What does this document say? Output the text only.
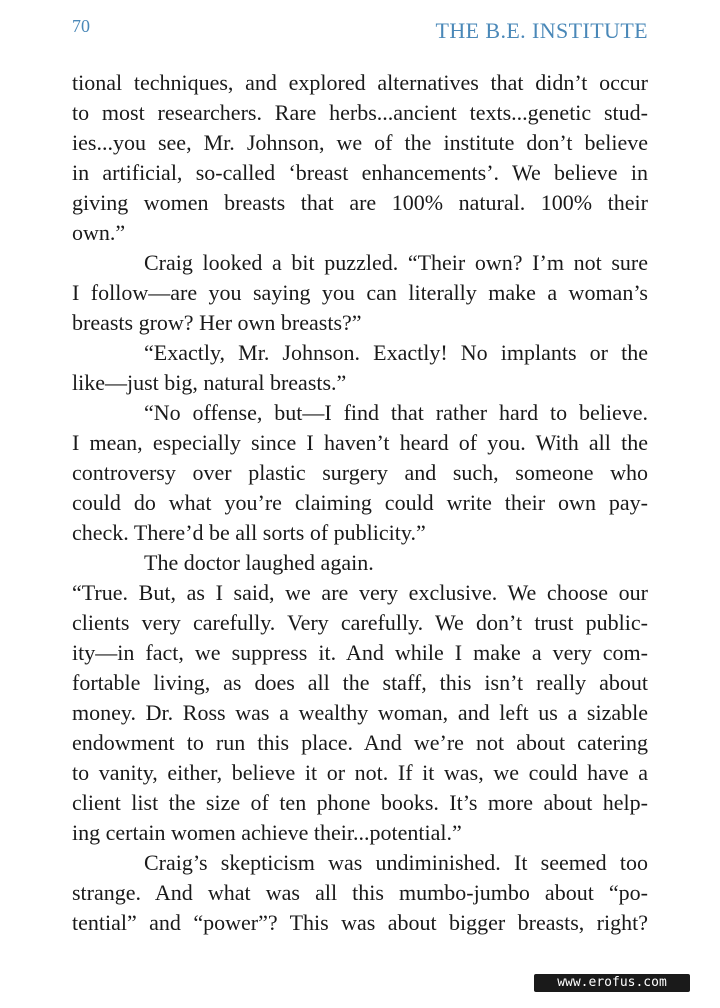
70	THE B.E. INSTITUTE
tional techniques, and explored alternatives that didn’t occur
to most researchers. Rare herbs...ancient texts...genetic stud-
ies...you see, Mr. Johnson, we of the institute don’t believe
in artificial, so-called ‘breast enhancements’. We believe in
giving women breasts that are 100% natural. 100% their
own.”
Craig looked a bit puzzled. “Their own? I’m not sure
I follow—are you saying you can literally make a woman’s
breasts grow? Her own breasts?”
“Exactly, Mr. Johnson. Exactly! No implants or the
like—just big, natural breasts.”
“No offense, but—I find that rather hard to believe.
I mean, especially since I haven’t heard of you. With all the
controversy over plastic surgery and such, someone who
could do what you’re claiming could write their own pay-
check. There’d be all sorts of publicity.”
The doctor laughed again.
“True. But, as I said, we are very exclusive. We choose our
clients very carefully. Very carefully. We don’t trust public-
ity—in fact, we suppress it. And while I make a very com-
fortable living, as does all the staff, this isn’t really about
money. Dr. Ross was a wealthy woman, and left us a sizable
endowment to run this place. And we’re not about catering
to vanity, either, believe it or not. If it was, we could have a
client list the size of ten phone books. It’s more about help-
ing certain women achieve their...potential.”
Craig’s skepticism was undiminished. It seemed too
strange. And what was all this mumbo-jumbo about “po-
tential” and “power”? This was about bigger breasts, right?
www.erofus.com
